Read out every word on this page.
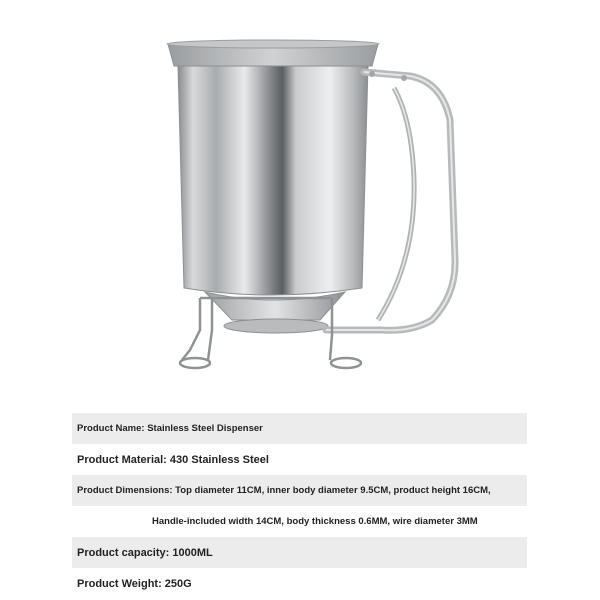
Product Name: Stainless Steel Dispenser
Product Material: 430 Stainless Steel
Product Dimensions: Top diameter 11CM, inner body diameter 9.5CM, product height 16CM,
Handle-included width 14CM, body thickness 0.6MM, wire diameter 3MM
Product capacity: 1000ML
Product Weight: 250G
